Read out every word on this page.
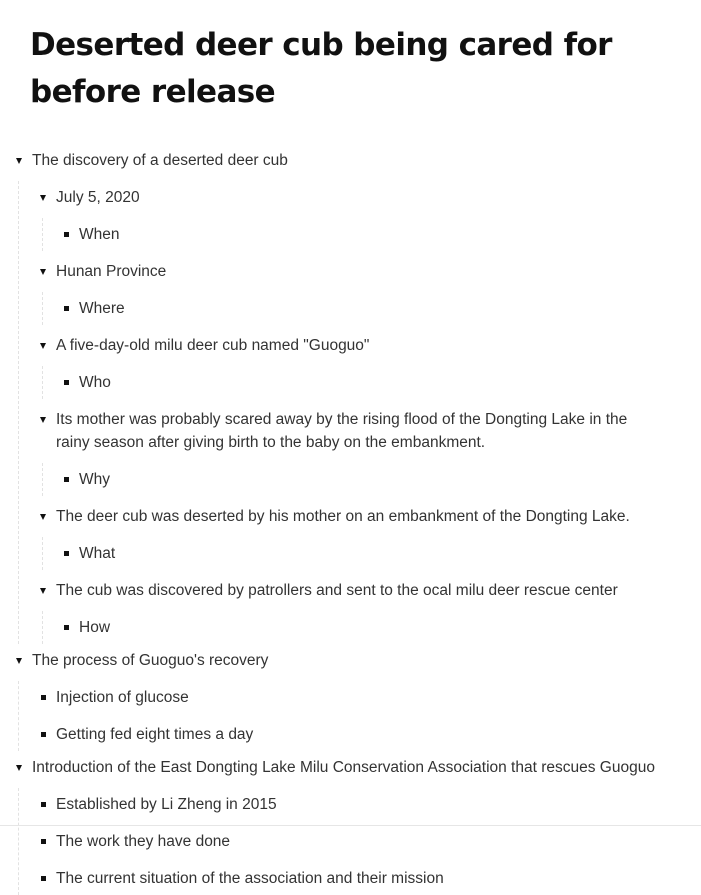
Deserted deer cub being cared for before release
The discovery of a deserted deer cub
July 5, 2020
When
Hunan Province
Where
A five-day-old milu deer cub named "Guoguo"
Who
Its mother was probably scared away by the rising flood of the Dongting Lake in the rainy season after giving birth to the baby on the embankment.
Why
The deer cub was deserted by his mother on an embankment of the Dongting Lake.
What
The cub was discovered by patrollers and sent to the ocal milu deer rescue center
How
The process of Guoguo's recovery
Injection of glucose
Getting fed eight times a day
Introduction of the East Dongting Lake Milu Conservation Association that rescues Guoguo
Established by Li Zheng in 2015
The work they have done
The current situation of the association and their mission
